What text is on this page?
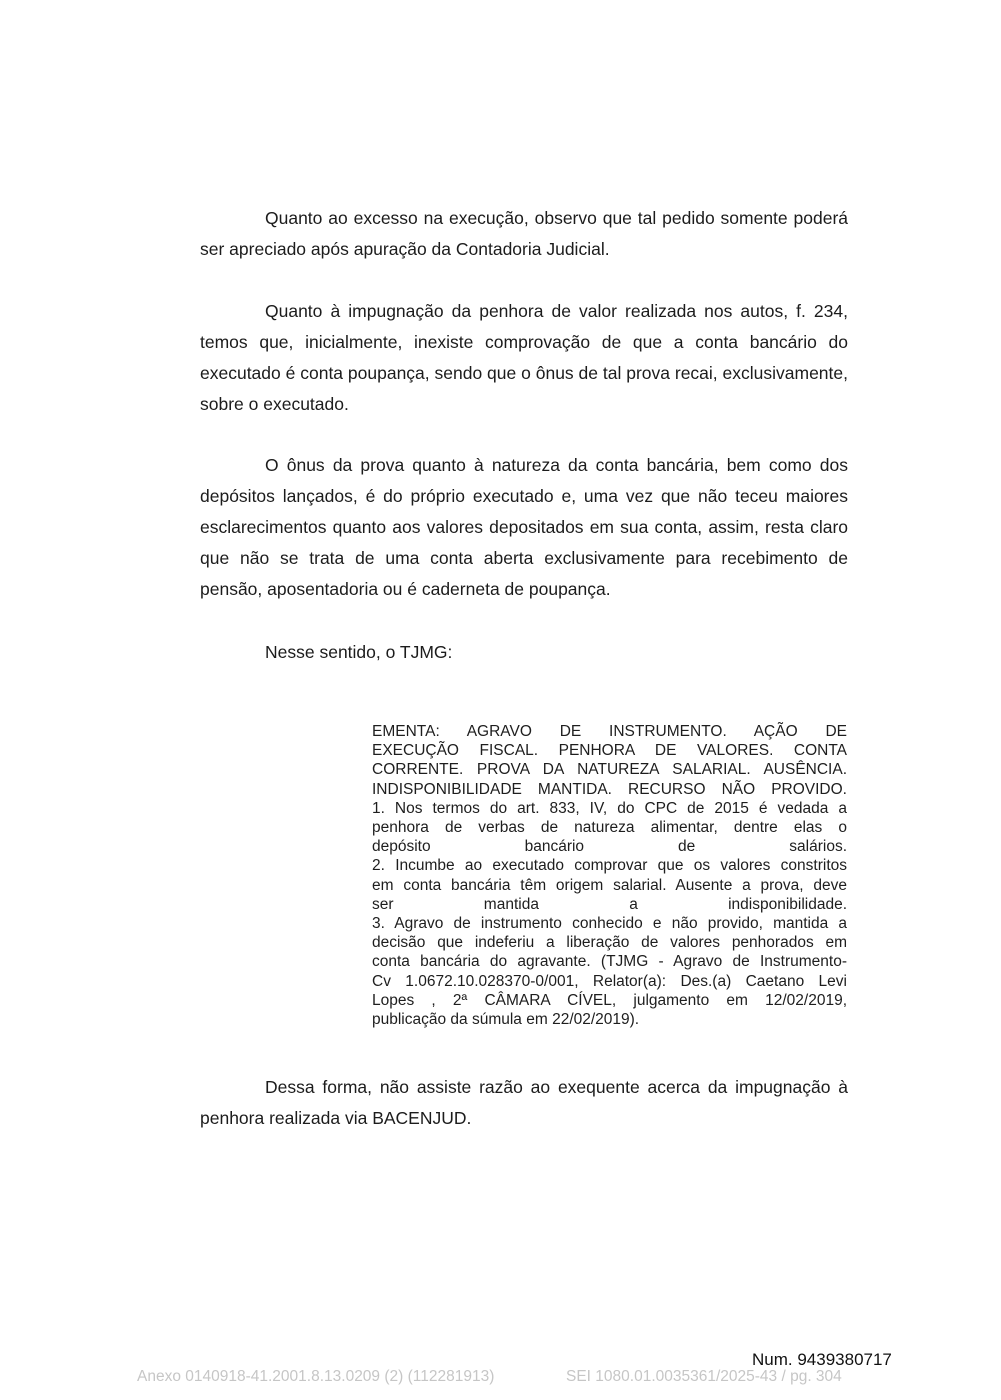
Quanto ao excesso na execução, observo que tal pedido somente poderá ser apreciado após apuração da Contadoria Judicial.

Quanto à impugnação da penhora de valor realizada nos autos, f. 234, temos que, inicialmente, inexiste comprovação de que a conta bancário do executado é conta poupança, sendo que o ônus de tal prova recai, exclusivamente, sobre o executado.

O ônus da prova quanto à natureza da conta bancária, bem como dos depósitos lançados, é do próprio executado e, uma vez que não teceu maiores esclarecimentos quanto aos valores depositados em sua conta, assim, resta claro que não se trata de uma conta aberta exclusivamente para recebimento de pensão, aposentadoria ou é caderneta de poupança.

Nesse sentido, o TJMG:

EMENTA: AGRAVO DE INSTRUMENTO. AÇÃO DE
EXECUÇÃO FISCAL. PENHORA DE VALORES. CONTA
CORRENTE. PROVA DA NATUREZA SALARIAL. AUSÊNCIA.
INDISPONIBILIDADE MANTIDA. RECURSO NÃO PROVIDO.
1. Nos termos do art. 833, IV, do CPC de 2015 é vedada a
penhora de verbas de natureza alimentar, dentre elas o
depósito bancário de salários.
2. Incumbe ao executado comprovar que os valores constritos
em conta bancária têm origem salarial. Ausente a prova, deve
ser mantida a indisponibilidade.
3. Agravo de instrumento conhecido e não provido, mantida a
decisão que indeferiu a liberação de valores penhorados em
conta bancária do agravante. (TJMG - Agravo de Instrumento-
Cv 1.0672.10.028370-0/001, Relator(a): Des.(a) Caetano Levi
Lopes , 2ª CÂMARA CÍVEL, julgamento em 12/02/2019,
publicação da súmula em 22/02/2019).

Dessa forma, não assiste razão ao exequente acerca da impugnação à penhora realizada via BACENJUD.

Num. 9439380717

Anexo 0140918-41.2001.8.13.0209 (2) (112281913)	SEI 1080.01.0035361/2025-43 / pg. 304
